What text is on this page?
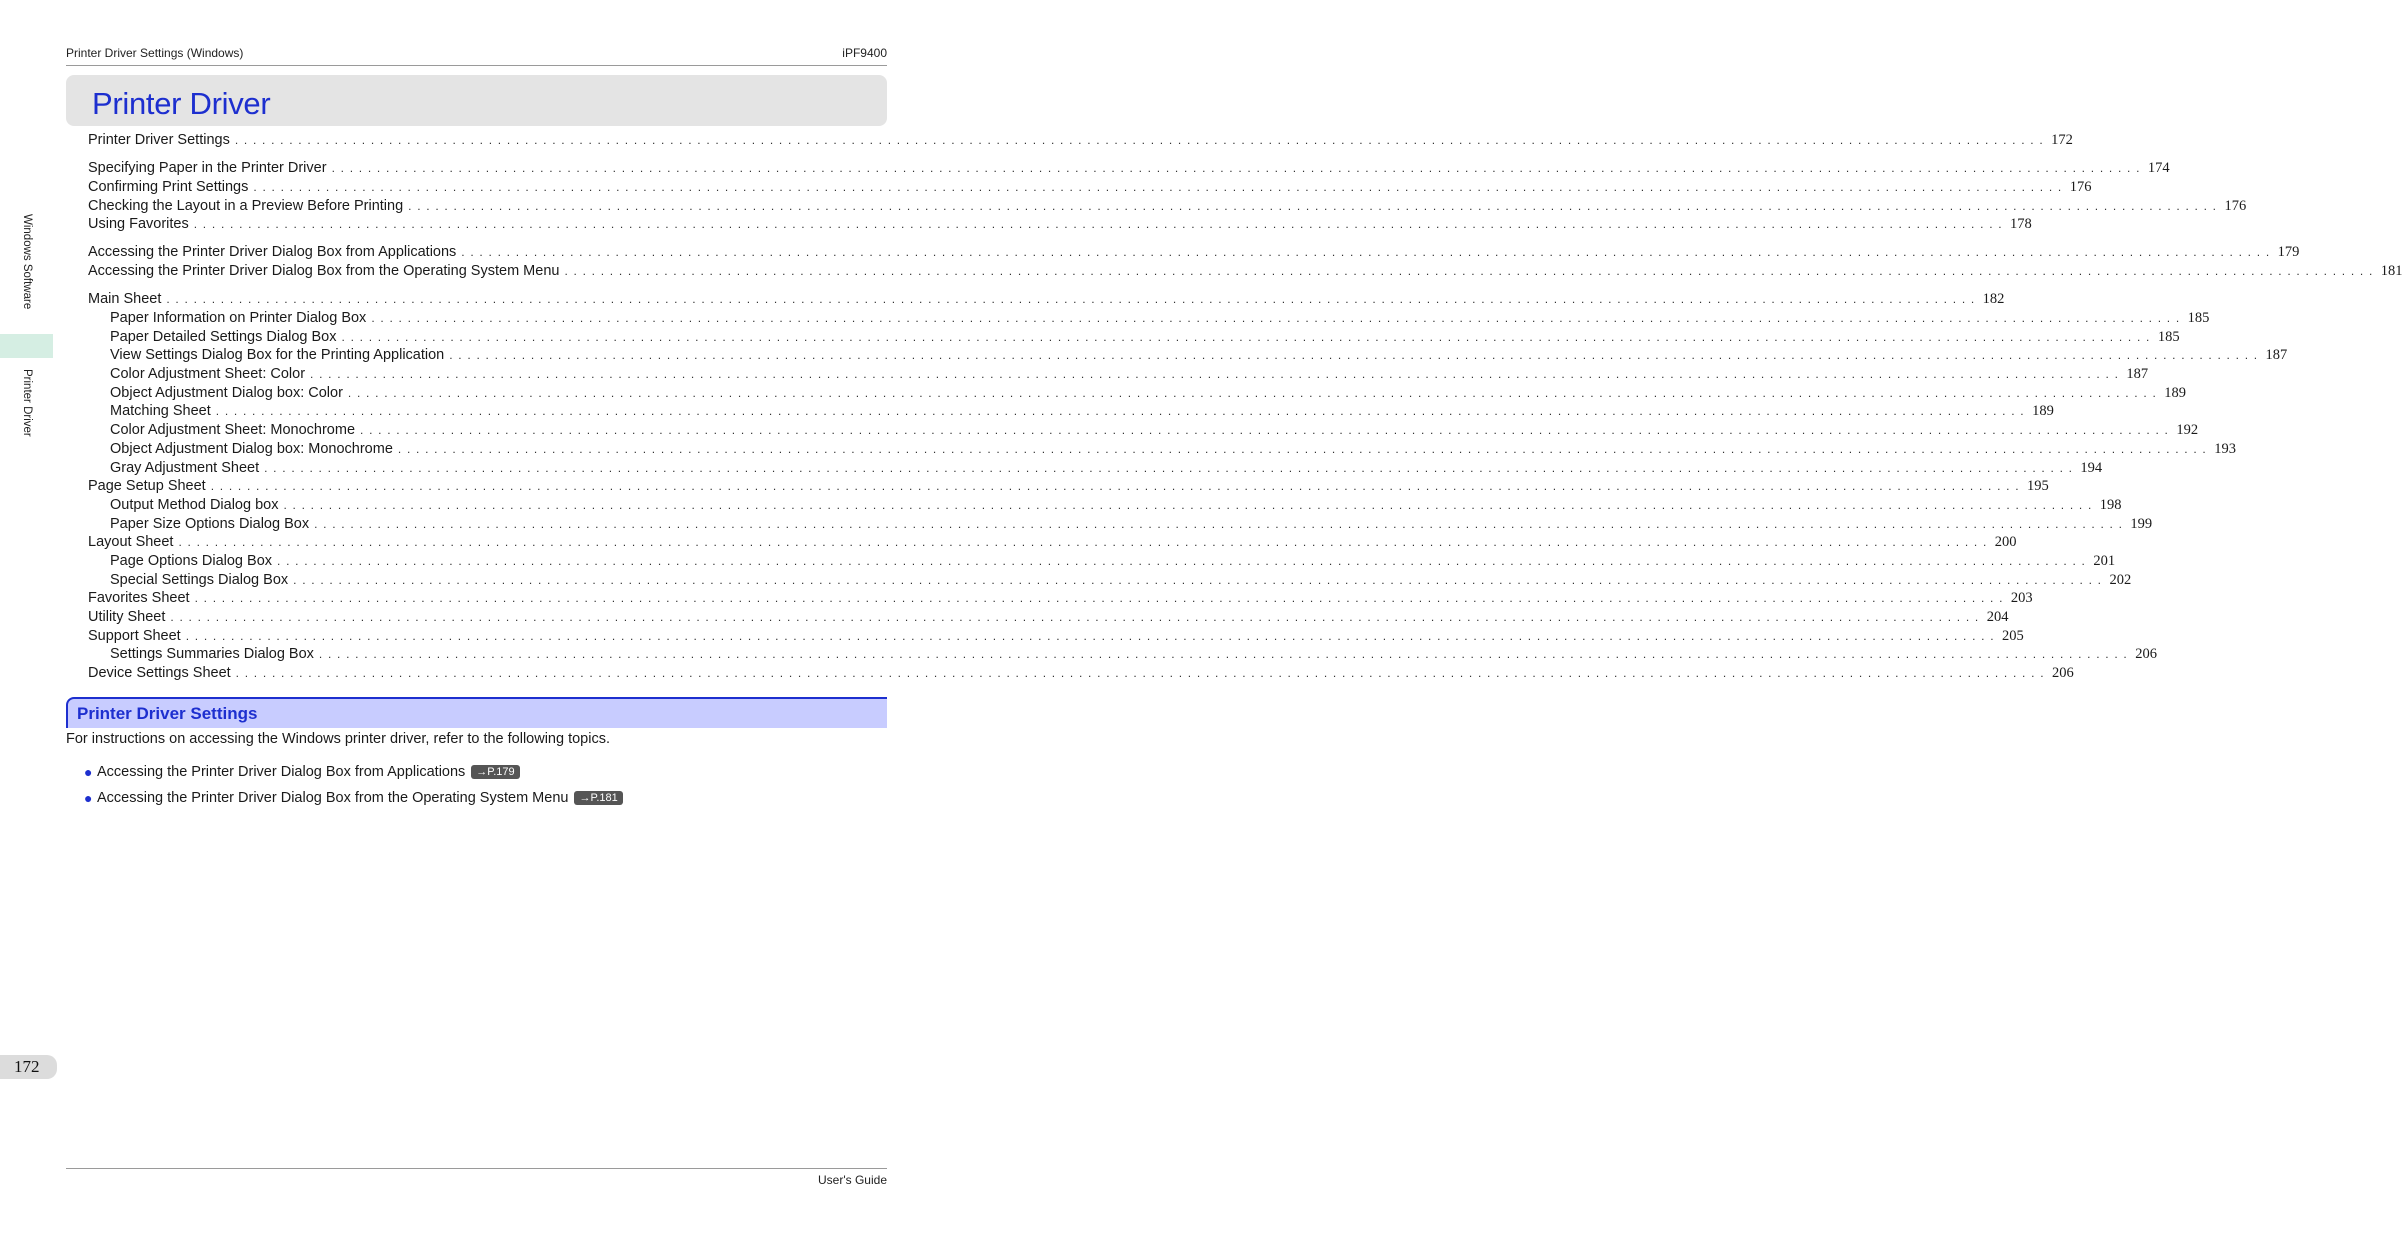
Printer Driver Settings (Windows)	iPF9400
Printer Driver
Printer Driver Settings . . . . . . . . . . . . . . . . . . . . . . . . . . . . . . . . . . . . . . . . . . . . . . . . . . . . . . . . . . . . . . . . . . . . . . . . . . . . . . . . . . . . . . . . . . . . . . . . . . . . . . . . . . . . . . . . . . . . . . . . . . . . . . . . . . . . . . . . . . . . . . . . . . . . . . . . . . . . . . . . . . . . . . . . . . . . . . . . . . . . . . . . . . . . . . . . . . . . . . . . 172
Specifying Paper in the Printer Driver . . . . . . . . . . . . . . . . . . . . . . . . . . . . . . . . . . . . . . . . . . . . . . . . . . . . . . . . . . . . . . . . . . . . . . . . . . . . . . . . . . . . . . . . . . . . . . . . . . . . . . . . . . . . . . . . . . . . . . . . . . . . . . . . . . . . . . . . . . . . . . . . . . . . . . . . . . . . . . . . . . . . . . . . . . . . . . . . . . . . . . . . . . . . . . . . . . . . . . . . 174
Confirming Print Settings . . . . . . . . . . . . . . . . . . . . . . . . . . . . . . . . . . . . . . . . . . . . . . . . . . . . . . . . . . . . . . . . . . . . . . . . . . . . . . . . . . . . . . . . . . . . . . . . . . . . . . . . . . . . . . . . . . . . . . . . . . . . . . . . . . . . . . . . . . . . . . . . . . . . . . . . . . . . . . . . . . . . . . . . . . . . . . . . . . . . . . . . . . . . . . . . . . . . . . . . 176
Checking the Layout in a Preview Before Printing . . . . . . . . . . . . . . . . . . . . . . . . . . . . . . . . . . . . . . . . . . . . . . . . . . . . . . . . . . . . . . . . . . . . . . . . . . . . . . . . . . . . . . . . . . . . . . . . . . . . . . . . . . . . . . . . . . . . . . . . . . . . . . . . . . . . . . . . . . . . . . . . . . . . . . . . . . . . . . . . . . . . . . . . . . . . . . . . . . . . . . . . . . . . . . . . . . . . . . . . 176
Using Favorites . . . . . . . . . . . . . . . . . . . . . . . . . . . . . . . . . . . . . . . . . . . . . . . . . . . . . . . . . . . . . . . . . . . . . . . . . . . . . . . . . . . . . . . . . . . . . . . . . . . . . . . . . . . . . . . . . . . . . . . . . . . . . . . . . . . . . . . . . . . . . . . . . . . . . . . . . . . . . . . . . . . . . . . . . . . . . . . . . . . . . . . . . . . . . . . . . . . . . . . . 178
Accessing the Printer Driver Dialog Box from Applications . . . . . . . . . . . . . . . . . . . . . . . . . . . . . . . . . . . . . . . . . . . . . . . . . . . . . . . . . . . . . . . . . . . . . . . . . . . . . . . . . . . . . . . . . . . . . . . . . . . . . . . . . . . . . . . . . . . . . . . . . . . . . . . . . . . . . . . . . . . . . . . . . . . . . . . . . . . . . . . . . . . . . . . . . . . . . . . . . . . . . . . . . . . . . . . . . . . . . . . . 179
Accessing the Printer Driver Dialog Box from the Operating System Menu . . . . . . . . . . . . . . . . . . . . . . . . . . . . . . . . . . . . . . . . . . . . . . . . . . . . . . . . . . . . . . . . . . . . . . . . . . . . . . . . . . . . . . . . . . . . . . . . . . . . . . . . . . . . . . . . . . . . . . . . . . . . . . . . . . . . . . . . . . . . . . . . . . . . . . . . . . . . . . . . . . . . . . . . . . . . . . . . . . . . . . . . . . . . . . . . . . . . . . . . 181
Main Sheet . . . . . . . . . . . . . . . . . . . . . . . . . . . . . . . . . . . . . . . . . . . . . . . . . . . . . . . . . . . . . . . . . . . . . . . . . . . . . . . . . . . . . . . . . . . . . . . . . . . . . . . . . . . . . . . . . . . . . . . . . . . . . . . . . . . . . . . . . . . . . . . . . . . . . . . . . . . . . . . . . . . . . . . . . . . . . . . . . . . . . . . . . . . . . . . . . . . . . . . . 182
Paper Information on Printer Dialog Box . . . . . . . . . . . . . . . . . . . . . . . . . . . . . . . . . . . . . . . . . . . . . . . . . . . . . . . . . . . . . . . . . . . . . . . . . . . . . . . . . . . . . . . . . . . . . . . . . . . . . . . . . . . . . . . . . . . . . . . . . . . . . . . . . . . . . . . . . . . . . . . . . . . . . . . . . . . . . . . . . . . . . . . . . . . . . . . . . . . . . . . . . . . . . . . . . . . . . . . . 185
Paper Detailed Settings Dialog Box . . . . . . . . . . . . . . . . . . . . . . . . . . . . . . . . . . . . . . . . . . . . . . . . . . . . . . . . . . . . . . . . . . . . . . . . . . . . . . . . . . . . . . . . . . . . . . . . . . . . . . . . . . . . . . . . . . . . . . . . . . . . . . . . . . . . . . . . . . . . . . . . . . . . . . . . . . . . . . . . . . . . . . . . . . . . . . . . . . . . . . . . . . . . . . . . . . . . . . . . 185
View Settings Dialog Box for the Printing Application . . . . . . . . . . . . . . . . . . . . . . . . . . . . . . . . . . . . . . . . . . . . . . . . . . . . . . . . . . . . . . . . . . . . . . . . . . . . . . . . . . . . . . . . . . . . . . . . . . . . . . . . . . . . . . . . . . . . . . . . . . . . . . . . . . . . . . . . . . . . . . . . . . . . . . . . . . . . . . . . . . . . . . . . . . . . . . . . . . . . . . . . . . . . . . . . . . . . . . . . 187
Color Adjustment Sheet: Color . . . . . . . . . . . . . . . . . . . . . . . . . . . . . . . . . . . . . . . . . . . . . . . . . . . . . . . . . . . . . . . . . . . . . . . . . . . . . . . . . . . . . . . . . . . . . . . . . . . . . . . . . . . . . . . . . . . . . . . . . . . . . . . . . . . . . . . . . . . . . . . . . . . . . . . . . . . . . . . . . . . . . . . . . . . . . . . . . . . . . . . . . . . . . . . . . . . . . . . . 187
Object Adjustment Dialog box: Color . . . . . . . . . . . . . . . . . . . . . . . . . . . . . . . . . . . . . . . . . . . . . . . . . . . . . . . . . . . . . . . . . . . . . . . . . . . . . . . . . . . . . . . . . . . . . . . . . . . . . . . . . . . . . . . . . . . . . . . . . . . . . . . . . . . . . . . . . . . . . . . . . . . . . . . . . . . . . . . . . . . . . . . . . . . . . . . . . . . . . . . . . . . . . . . . . . . . . . . . 189
Matching Sheet . . . . . . . . . . . . . . . . . . . . . . . . . . . . . . . . . . . . . . . . . . . . . . . . . . . . . . . . . . . . . . . . . . . . . . . . . . . . . . . . . . . . . . . . . . . . . . . . . . . . . . . . . . . . . . . . . . . . . . . . . . . . . . . . . . . . . . . . . . . . . . . . . . . . . . . . . . . . . . . . . . . . . . . . . . . . . . . . . . . . . . . . . . . . . . . . . . . . . . . . 189
Color Adjustment Sheet: Monochrome . . . . . . . . . . . . . . . . . . . . . . . . . . . . . . . . . . . . . . . . . . . . . . . . . . . . . . . . . . . . . . . . . . . . . . . . . . . . . . . . . . . . . . . . . . . . . . . . . . . . . . . . . . . . . . . . . . . . . . . . . . . . . . . . . . . . . . . . . . . . . . . . . . . . . . . . . . . . . . . . . . . . . . . . . . . . . . . . . . . . . . . . . . . . . . . . . . . . . . . . 192
Object Adjustment Dialog box: Monochrome . . . . . . . . . . . . . . . . . . . . . . . . . . . . . . . . . . . . . . . . . . . . . . . . . . . . . . . . . . . . . . . . . . . . . . . . . . . . . . . . . . . . . . . . . . . . . . . . . . . . . . . . . . . . . . . . . . . . . . . . . . . . . . . . . . . . . . . . . . . . . . . . . . . . . . . . . . . . . . . . . . . . . . . . . . . . . . . . . . . . . . . . . . . . . . . . . . . . . . . . 193
Gray Adjustment Sheet . . . . . . . . . . . . . . . . . . . . . . . . . . . . . . . . . . . . . . . . . . . . . . . . . . . . . . . . . . . . . . . . . . . . . . . . . . . . . . . . . . . . . . . . . . . . . . . . . . . . . . . . . . . . . . . . . . . . . . . . . . . . . . . . . . . . . . . . . . . . . . . . . . . . . . . . . . . . . . . . . . . . . . . . . . . . . . . . . . . . . . . . . . . . . . . . . . . . . . . . 194
Page Setup Sheet . . . . . . . . . . . . . . . . . . . . . . . . . . . . . . . . . . . . . . . . . . . . . . . . . . . . . . . . . . . . . . . . . . . . . . . . . . . . . . . . . . . . . . . . . . . . . . . . . . . . . . . . . . . . . . . . . . . . . . . . . . . . . . . . . . . . . . . . . . . . . . . . . . . . . . . . . . . . . . . . . . . . . . . . . . . . . . . . . . . . . . . . . . . . . . . . . . . . . . . . 195
Output Method Dialog box . . . . . . . . . . . . . . . . . . . . . . . . . . . . . . . . . . . . . . . . . . . . . . . . . . . . . . . . . . . . . . . . . . . . . . . . . . . . . . . . . . . . . . . . . . . . . . . . . . . . . . . . . . . . . . . . . . . . . . . . . . . . . . . . . . . . . . . . . . . . . . . . . . . . . . . . . . . . . . . . . . . . . . . . . . . . . . . . . . . . . . . . . . . . . . . . . . . . . . . . 198
Paper Size Options Dialog Box . . . . . . . . . . . . . . . . . . . . . . . . . . . . . . . . . . . . . . . . . . . . . . . . . . . . . . . . . . . . . . . . . . . . . . . . . . . . . . . . . . . . . . . . . . . . . . . . . . . . . . . . . . . . . . . . . . . . . . . . . . . . . . . . . . . . . . . . . . . . . . . . . . . . . . . . . . . . . . . . . . . . . . . . . . . . . . . . . . . . . . . . . . . . . . . . . . . . . . . . 199
Layout Sheet . . . . . . . . . . . . . . . . . . . . . . . . . . . . . . . . . . . . . . . . . . . . . . . . . . . . . . . . . . . . . . . . . . . . . . . . . . . . . . . . . . . . . . . . . . . . . . . . . . . . . . . . . . . . . . . . . . . . . . . . . . . . . . . . . . . . . . . . . . . . . . . . . . . . . . . . . . . . . . . . . . . . . . . . . . . . . . . . . . . . . . . . . . . . . . . . . . . . . . . . 200
Page Options Dialog Box . . . . . . . . . . . . . . . . . . . . . . . . . . . . . . . . . . . . . . . . . . . . . . . . . . . . . . . . . . . . . . . . . . . . . . . . . . . . . . . . . . . . . . . . . . . . . . . . . . . . . . . . . . . . . . . . . . . . . . . . . . . . . . . . . . . . . . . . . . . . . . . . . . . . . . . . . . . . . . . . . . . . . . . . . . . . . . . . . . . . . . . . . . . . . . . . . . . . . . . . 201
Special Settings Dialog Box . . . . . . . . . . . . . . . . . . . . . . . . . . . . . . . . . . . . . . . . . . . . . . . . . . . . . . . . . . . . . . . . . . . . . . . . . . . . . . . . . . . . . . . . . . . . . . . . . . . . . . . . . . . . . . . . . . . . . . . . . . . . . . . . . . . . . . . . . . . . . . . . . . . . . . . . . . . . . . . . . . . . . . . . . . . . . . . . . . . . . . . . . . . . . . . . . . . . . . . . 202
Favorites Sheet . . . . . . . . . . . . . . . . . . . . . . . . . . . . . . . . . . . . . . . . . . . . . . . . . . . . . . . . . . . . . . . . . . . . . . . . . . . . . . . . . . . . . . . . . . . . . . . . . . . . . . . . . . . . . . . . . . . . . . . . . . . . . . . . . . . . . . . . . . . . . . . . . . . . . . . . . . . . . . . . . . . . . . . . . . . . . . . . . . . . . . . . . . . . . . . . . . . . . . . . 203
Utility Sheet . . . . . . . . . . . . . . . . . . . . . . . . . . . . . . . . . . . . . . . . . . . . . . . . . . . . . . . . . . . . . . . . . . . . . . . . . . . . . . . . . . . . . . . . . . . . . . . . . . . . . . . . . . . . . . . . . . . . . . . . . . . . . . . . . . . . . . . . . . . . . . . . . . . . . . . . . . . . . . . . . . . . . . . . . . . . . . . . . . . . . . . . . . . . . . . . . . . . . . . . 204
Support Sheet . . . . . . . . . . . . . . . . . . . . . . . . . . . . . . . . . . . . . . . . . . . . . . . . . . . . . . . . . . . . . . . . . . . . . . . . . . . . . . . . . . . . . . . . . . . . . . . . . . . . . . . . . . . . . . . . . . . . . . . . . . . . . . . . . . . . . . . . . . . . . . . . . . . . . . . . . . . . . . . . . . . . . . . . . . . . . . . . . . . . . . . . . . . . . . . . . . . . . . . . 205
Settings Summaries Dialog Box . . . . . . . . . . . . . . . . . . . . . . . . . . . . . . . . . . . . . . . . . . . . . . . . . . . . . . . . . . . . . . . . . . . . . . . . . . . . . . . . . . . . . . . . . . . . . . . . . . . . . . . . . . . . . . . . . . . . . . . . . . . . . . . . . . . . . . . . . . . . . . . . . . . . . . . . . . . . . . . . . . . . . . . . . . . . . . . . . . . . . . . . . . . . . . . . . . . . . . . . 206
Device Settings Sheet . . . . . . . . . . . . . . . . . . . . . . . . . . . . . . . . . . . . . . . . . . . . . . . . . . . . . . . . . . . . . . . . . . . . . . . . . . . . . . . . . . . . . . . . . . . . . . . . . . . . . . . . . . . . . . . . . . . . . . . . . . . . . . . . . . . . . . . . . . . . . . . . . . . . . . . . . . . . . . . . . . . . . . . . . . . . . . . . . . . . . . . . . . . . . . . . . . . . . . . . 206
Printer Driver Settings
For instructions on accessing the Windows printer driver, refer to the following topics.
● Accessing the Printer Driver Dialog Box from Applications	→P.179
● Accessing the Printer Driver Dialog Box from the Operating System Menu	→P.181
Windows Software
Printer Driver
172
User's Guide
